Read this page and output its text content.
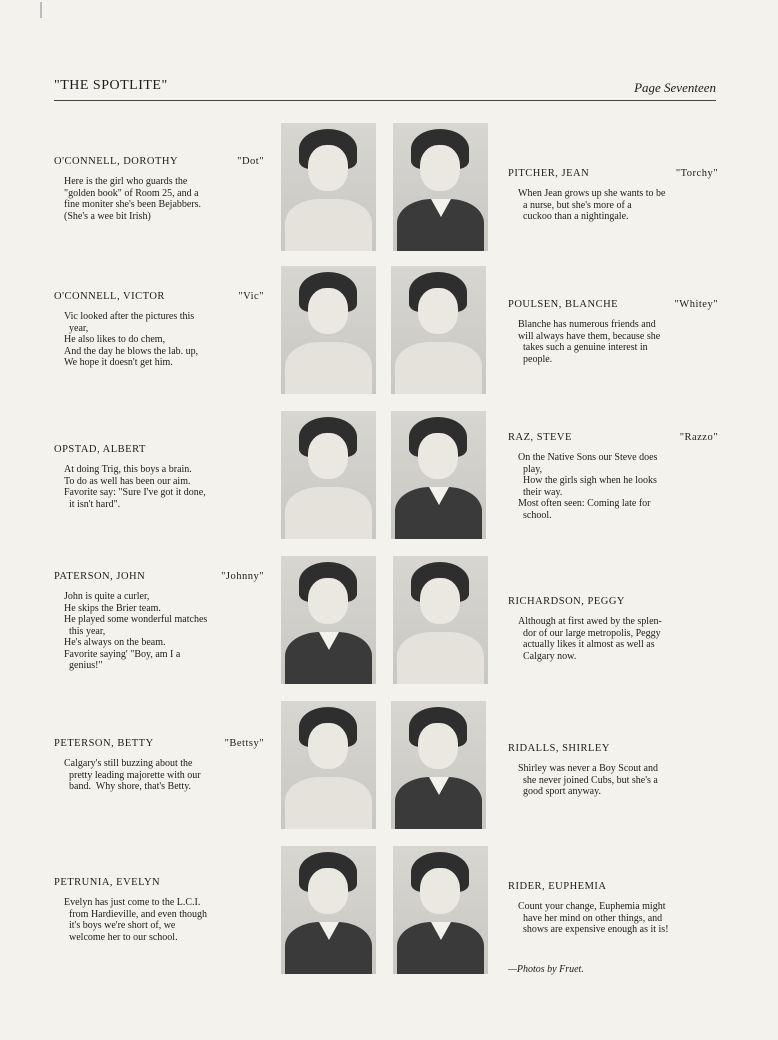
"THE SPOTLITE"	Page Seventeen
O'CONNELL, DOROTHY	"Dot"
Here is the girl who guards the
"golden book" of Room 25, and a
fine moniter she's been Bejabbers.
(She's a wee bit Irish)
O'CONNELL, VICTOR	"Vic"
Vic looked after the pictures this
year,
He also likes to do chem,
And the day he blows the lab. up,
We hope it doesn't get him.
OPSTAD, ALBERT
At doing Trig, this boys a brain.
To do as well has been our aim.
Favorite say: "Sure I've got it done,
it isn't hard".
PATERSON, JOHN	"Johnny"
John is quite a curler,
He skips the Brier team.
He played some wonderful matches
this year,
He's always on the beam.
Favorite saying' "Boy, am I a
genius!"
PETERSON, BETTY	"Bettsy"
Calgary's still buzzing about the
pretty leading majorette with our
band.  Why shore, that's Betty.
PETRUNIA, EVELYN
Evelyn has just come to the L.C.I.
from Hardieville, and even though
it's boys we're short of, we
welcome her to our school.
PITCHER, JEAN	"Torchy"
When Jean grows up she wants to be
a nurse, but she's more of a
cuckoo than a nightingale.
POULSEN, BLANCHE	"Whitey"
Blanche has numerous friends and
will always have them, because she
takes such a genuine interest in
people.
RAZ, STEVE	"Razzo"
On the Native Sons our Steve does
play,
How the girls sigh when he looks
their way.
Most often seen: Coming late for
school.
RICHARDSON, PEGGY
Although at first awed by the splen-
dor of our large metropolis, Peggy
actually likes it almost as well as
Calgary now.
RIDALLS, SHIRLEY
Shirley was never a Boy Scout and
she never joined Cubs, but she's a
good sport anyway.
RIDER, EUPHEMIA
Count your change, Euphemia might
have her mind on other things, and
shows are expensive enough as it is!
—Photos by Fruet.
